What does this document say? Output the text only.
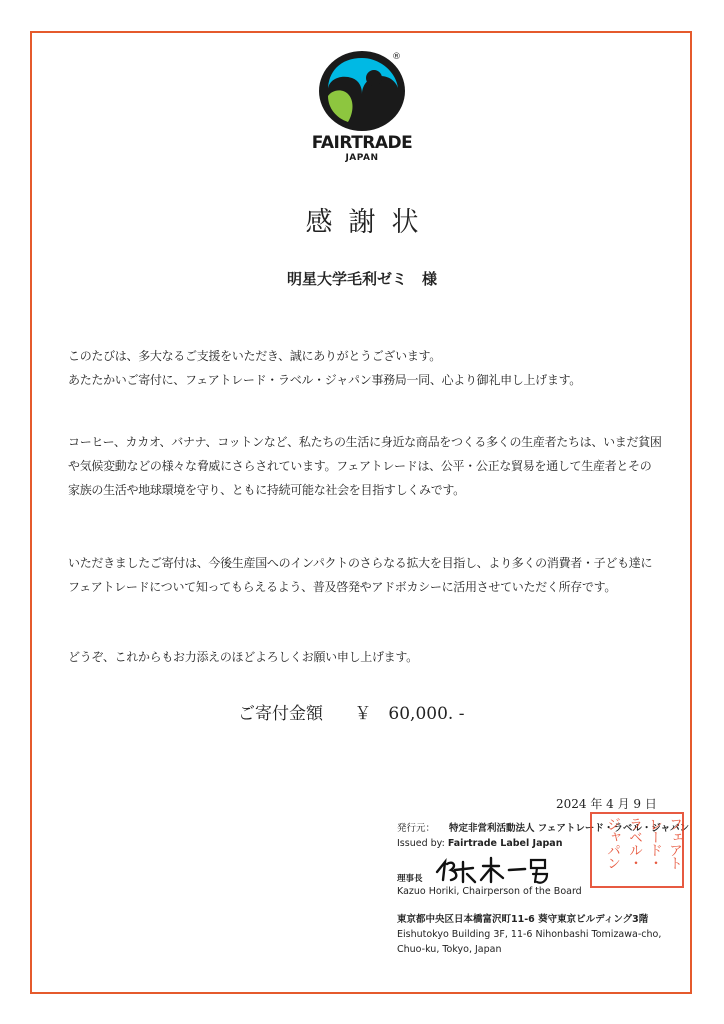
®
FAIRTRADE
JAPAN
感謝状
明星大学毛利ゼミ　様
このたびは、多大なるご支援をいただき、誠にありがとうございます。
あたたかいご寄付に、フェアトレード・ラベル・ジャパン事務局一同、心より御礼申し上げます。
コーヒー、カカオ、バナナ、コットンなど、私たちの生活に身近な商品をつくる多くの生産者たちは、いまだ貧困
や気候変動などの様々な脅威にさらされています。フェアトレードは、公平・公正な貿易を通して生産者とその
家族の生活や地球環境を守り、ともに持続可能な社会を目指すしくみです。
いただきましたご寄付は、今後生産国へのインパクトのさらなる拡大を目指し、より多くの消費者・子ども達に
フェアトレードについて知ってもらえるよう、普及啓発やアドボカシーに活用させていただく所存です。
どうぞ、これからもお力添えのほどよろしくお願い申し上げます。
ご寄付金額 ￥　60,000. -
2024 年 4 月 9 日
発行元： 特定非営利活動法人 フェアトレード・ラベル・ジャパン
Issued by: Fairtrade Label Japan
理事長
Kazuo Horiki, Chairperson of the Board
東京都中央区日本橋富沢町11-6 葵守東京ビルディング3階
Eishutokyo Building 3F, 11-6 Nihonbashi Tomizawa-cho,
Chuo-ku, Tokyo, Japan
フェアト
レード・
ラベル・
ジャパン
